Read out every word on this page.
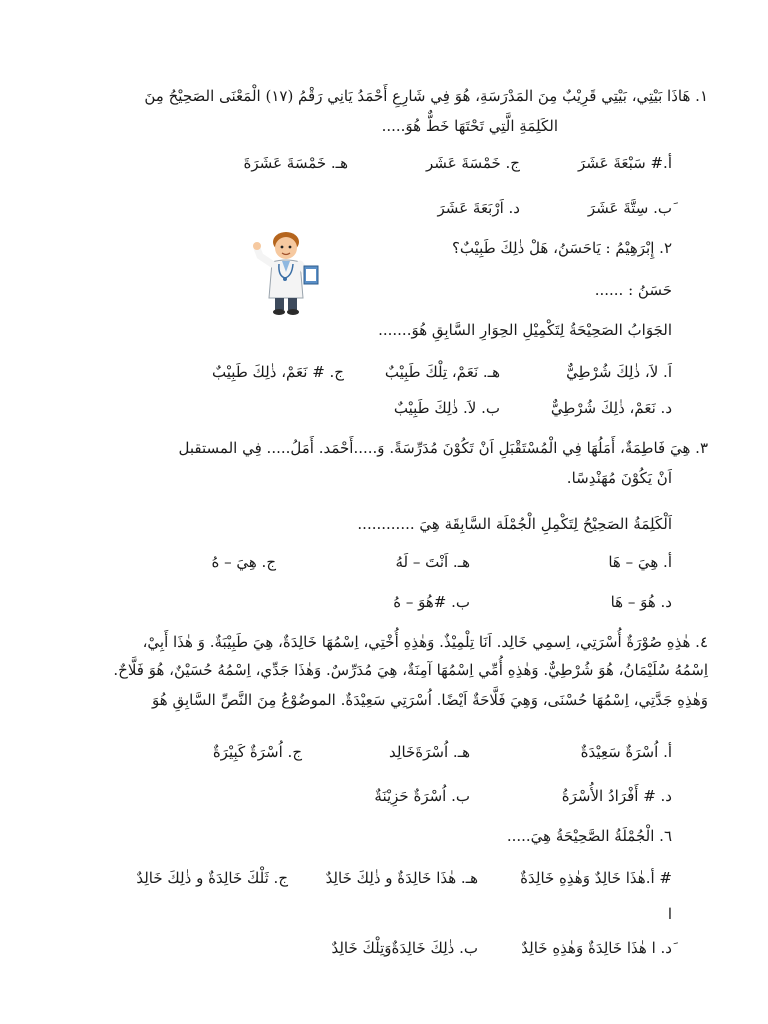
١. هَاذَا بَيْتِي، بَيْتِي قَرِيْبٌ مِنَ المَدْرَسَةِ، هُوَ فِي شَارِعِ أَحْمَدُ يَانِي رَقْمُ (١٧) الْمَعْنَى الصَحِيْحُ مِنَ
الكَلِمَةِ الَّتِي تَحْتَهَا خَطٌّ هُوَ.....
أ.# سَبْعَةَ عَشَرَ
ج. خَمْسَةَ عَشَر
هـ. خَمْسَةَ عَشَرَةَ
َب. سِتَّةَ عَشَرَ
د. اَرْبَعَةَ عَشَرَ
٢. إِبْرَهِيْمُ : يَاحَسَنُ، هَلْ ذٰلِكَ طَبِيْبٌ؟
حَسَنُ : ......
الجَوَابُ الصَحِيْحَةُ لِتَكْمِيْلِ الحِوَارِ السَّابِقِ هُوَ.......
اَ. لاَ، ذٰلِكَ شُرْطِيٌّ
هـ. نَعَمْ، تِلْكَ طَبِيْبٌ
ج. # نَعَمْ، ذٰلِكَ طَبِيْبٌ
د. نَعَمْ، ذٰلِكَ شُرْطِيٌّ
ب. لاَ. ذٰلِكَ طَبِيْبٌ
٣. هِيَ فَاطِمَةٌ، أَمَلُهَا فِي الْمُسْتَقْبَلِ اَنْ تَكُوْنَ مُدَرِّسَةً. وَ.....أَحْمَد. أَمَلُ..... فِي المستقبل
اَنْ يَكُوْنَ مُهَنْدِسًا.
اَلْكَلِمَةُ الصَحِيْحُ لِتَكْمِلِ الْجُمْلَة السَّابِقَة هِيَ ............
أ. هِيَ – هَا
هـ. اَنْتَ – لَهُ
ج. هِيَ – هُ
د. هُوَ – هَا
ب. #هُوَ – هُ
٤. هٰذِهِ صُوْرَةٌ أُسْرَتِي، اِسمِي خَالِد. اَنَا تِلْمِيْذٌ. وَهٰذِهِ أُخْتِي، اِسْمُهَا خَالِدَةٌ، هِيَ طَبِيْبَةٌ. وَ هٰذَا أَبِيْ،
اِسْمُهُ سُلَيْمَانُ، هُوَ شُرْطِيٌّ. وَهٰذِهِ أُمِّي اِسْمُهَا آمِنَةٌ، هِيَ مُدَرِّسٌ. وَهٰذَا جَدِّي، اِسْمُهُ حُسَيْنٌ، هُوَ فَلَّاحٌ.
وَهٰذِهِ جَدَّتِي، اِسْمُهَا حُسْنَى، وَهِيَ فَلَّاحَةٌ اَيْضًا. اُسْرَتِي سَعِيْدَةٌ. الموضُوْعُ مِنَ النَّصِّ السَّابِقِ هُوَ
أ. اُسْرَةٌ سَعِيْدَةٌ
هـ. اُسْرَةَخَالِد
ج. اُسْرَةٌ كَبِيْرَةٌ
د. # أَفْرَادُ الأُسْرَةُ
ب. اُسْرَةٌ حَزِيْنَةٌ
٦. الْجُمْلَةُ الصَّحِيْحَةُ هِيَ.....
# أ.هٰذَا خَالِدٌ وَهٰذِهِ خَالِدَةٌ
هـ. هٰذَا خَالِدَةٌ و ذٰلِكَ خَالِدٌ
ج. ثَلْكَ خَالِدَةٌ و ذٰلِكَ خَالِدٌ
ا
َد. ا هٰذَا خَالِدَةٌ وَهٰذِهِ خَالِدٌ
ب. ذٰلِكَ خَالِدَةٌوَتِلْكَ خَالِدٌ
